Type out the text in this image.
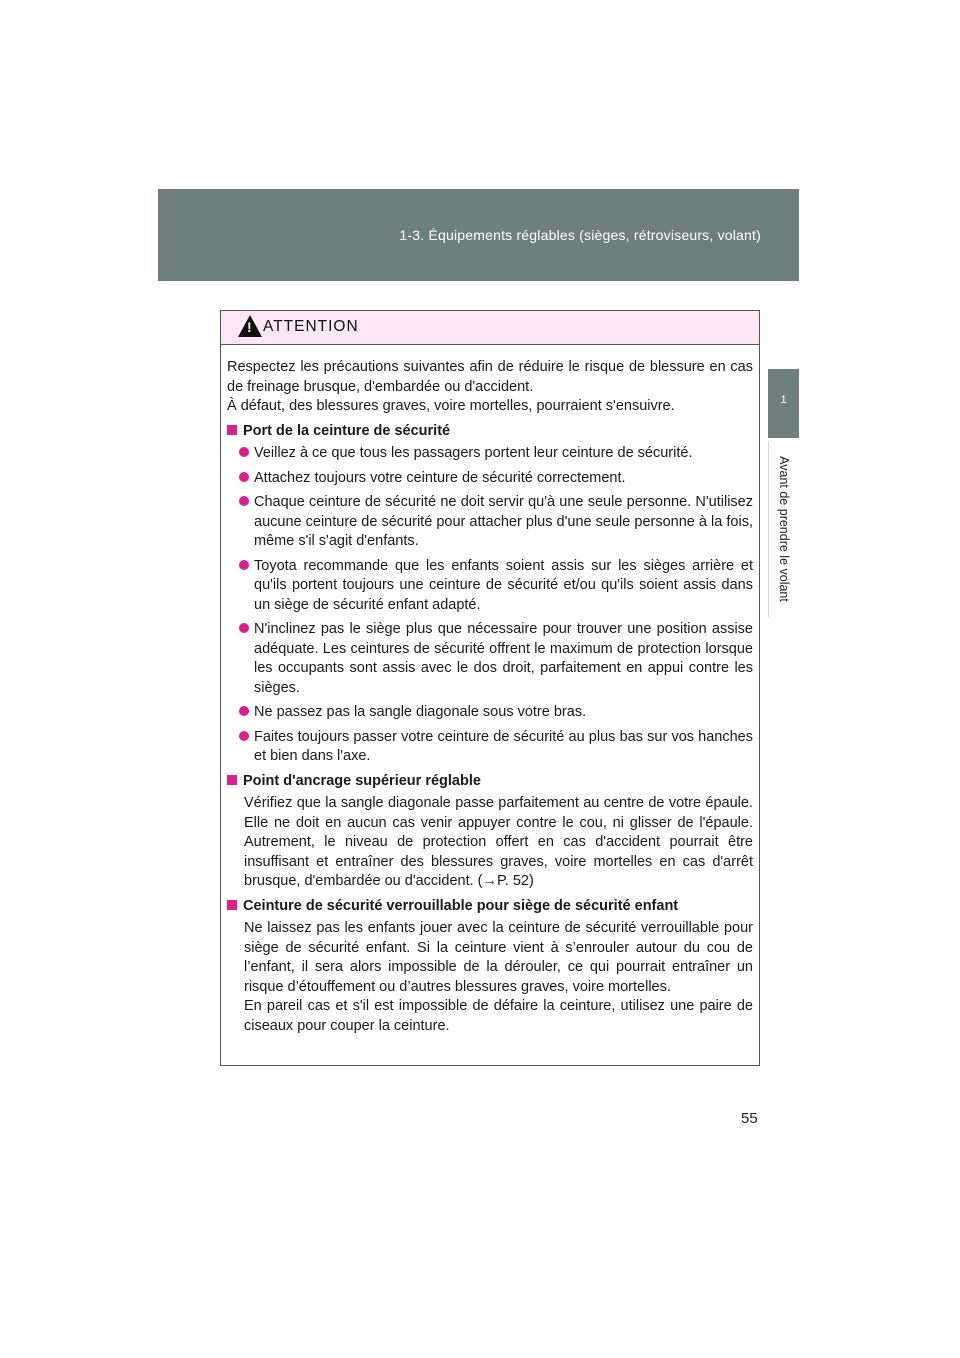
1-3. Équipements réglables (sièges, rétroviseurs, volant)
1
Avant de prendre le volant
!
ATTENTION

Respectez les précautions suivantes afin de réduire le risque de blessure en cas de freinage brusque, d'embardée ou d'accident.

À défaut, des blessures graves, voire mortelles, pourraient s'ensuivre.

Port de la ceinture de sécurité
Veillez à ce que tous les passagers portent leur ceinture de sécurité.
Attachez toujours votre ceinture de sécurité correctement.
Chaque ceinture de sécurité ne doit servir qu'à une seule personne. N'utilisez aucune ceinture de sécurité pour attacher plus d'une seule personne à la fois, même s'il s'agit d'enfants.
Toyota recommande que les enfants soient assis sur les sièges arrière et qu'ils portent toujours une ceinture de sécurité et/ou qu'ils soient assis dans un siège de sécurité enfant adapté.
N'inclinez pas le siège plus que nécessaire pour trouver une position assise adéquate. Les ceintures de sécurité offrent le maximum de protection lorsque les occupants sont assis avec le dos droit, parfaitement en appui contre les sièges.
Ne passez pas la sangle diagonale sous votre bras.
Faites toujours passer votre ceinture de sécurité au plus bas sur vos hanches et bien dans l'axe.
Point d'ancrage supérieur réglable

Vérifiez que la sangle diagonale passe parfaitement au centre de votre épaule. Elle ne doit en aucun cas venir appuyer contre le cou, ni glisser de l'épaule. Autrement, le niveau de protection offert en cas d'accident pourrait être insuffisant et entraîner des blessures graves, voire mortelles en cas d'arrêt brusque, d'embardée ou d'accident. (→P. 52)

Ceinture de sécurité verrouillable pour siège de sécurité enfant

Ne laissez pas les enfants jouer avec la ceinture de sécurité verrouillable pour siège de sécurité enfant. Si la ceinture vient à s’enrouler autour du cou de l’enfant, il sera alors impossible de la dérouler, ce qui pourrait entraîner un risque d’étouffement ou d’autres blessures graves, voire mortelles.

En pareil cas et s'il est impossible de défaire la ceinture, utilisez une paire de ciseaux pour couper la ceinture.

55
